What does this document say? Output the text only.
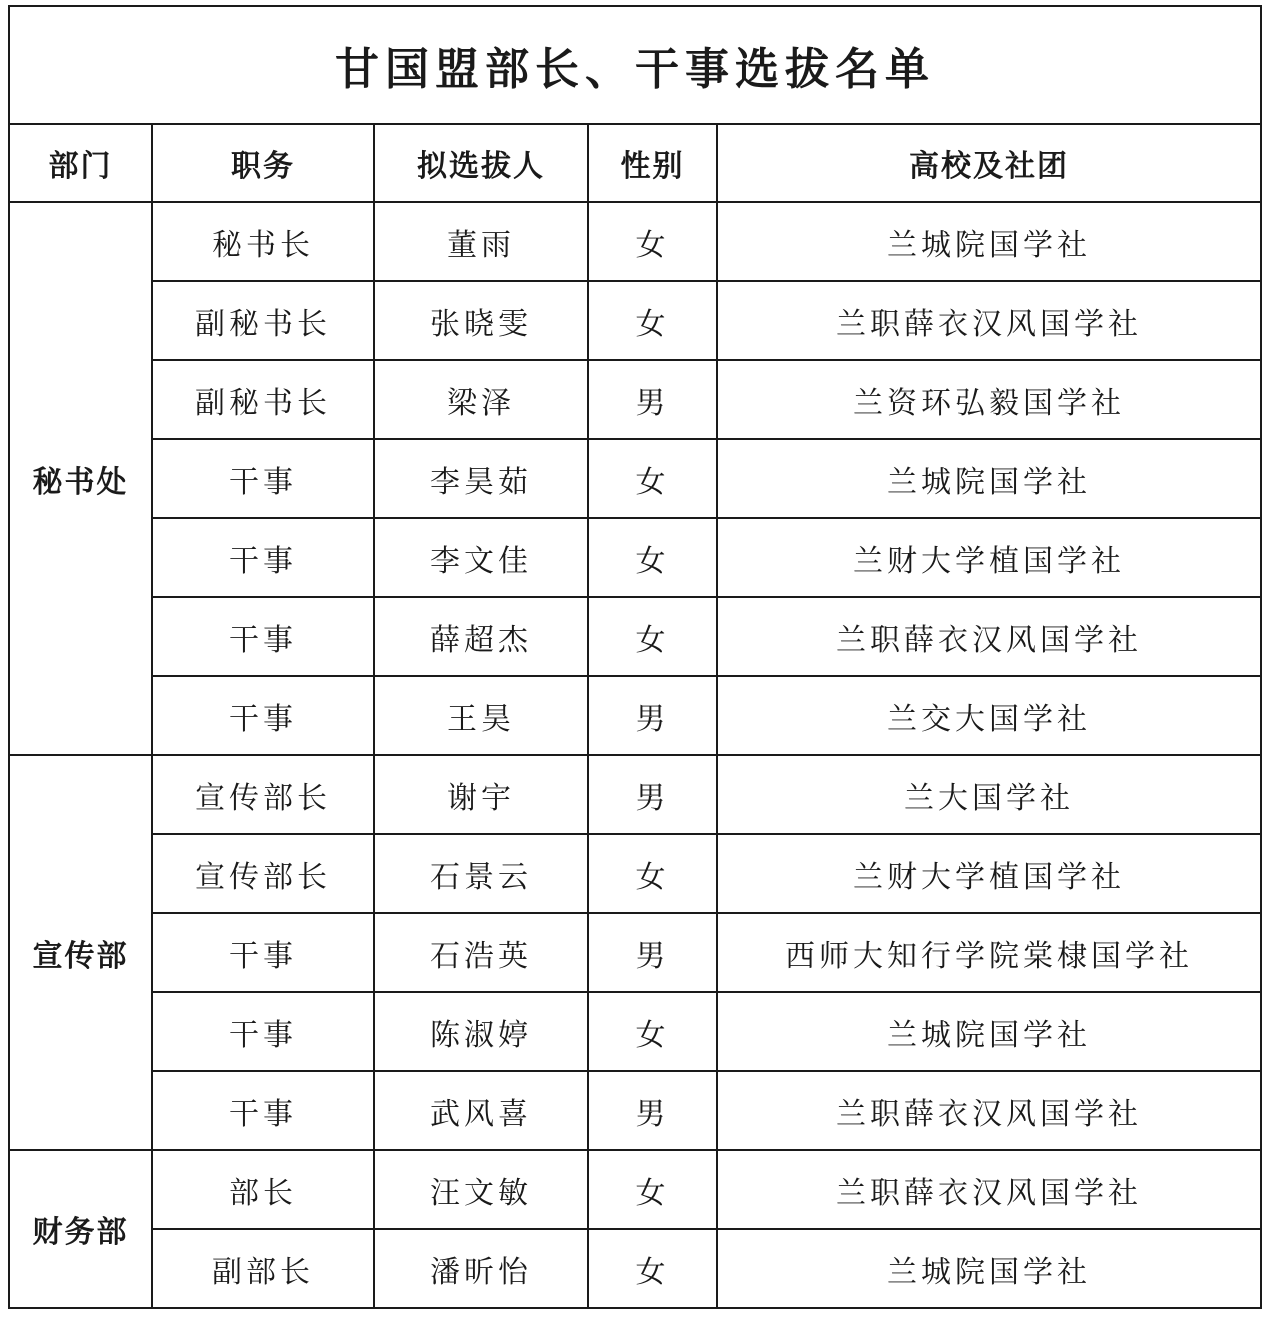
甘国盟部长、干事选拔名单				
部门	职务	拟选拔人	性别	高校及社团
秘书处	秘书长	董雨	女	兰城院国学社
	副秘书长	张晓雯	女	兰职薛衣汉风国学社
	副秘书长	梁泽	男	兰资环弘毅国学社
	干事	李昊茹	女	兰城院国学社
	干事	李文佳	女	兰财大学植国学社
	干事	薛超杰	女	兰职薛衣汉风国学社
	干事	王昊	男	兰交大国学社
宣传部	宣传部长	谢宇	男	兰大国学社
	宣传部长	石景云	女	兰财大学植国学社
	干事	石浩英	男	西师大知行学院棠棣国学社
	干事	陈淑婷	女	兰城院国学社
	干事	武风喜	男	兰职薛衣汉风国学社
财务部	部长	汪文敏	女	兰职薛衣汉风国学社
	副部长	潘昕怡	女	兰城院国学社
